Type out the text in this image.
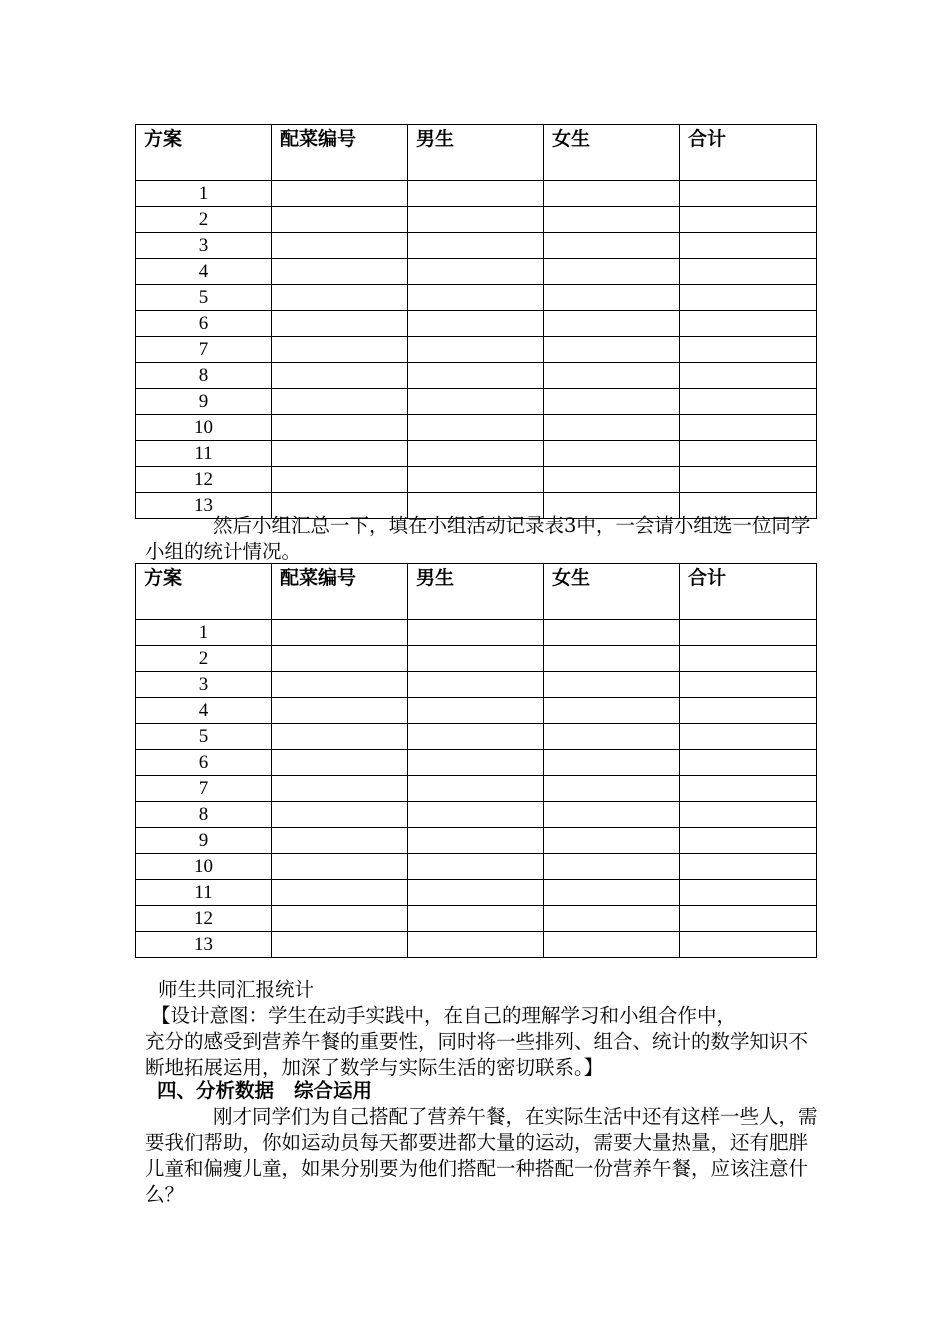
方案	配菜编号	男生	女生	合计
1				
2				
3				
4				
5				
6				
7				
8				
9				
10				
11				
12				
13				
然后小组汇总一下，填在小组活动记录表3中，一会请小组选一位同学小组的统计情况。
方案	配菜编号	男生	女生	合计
1				
2				
3				
4				
5				
6				
7				
8				
9				
10				
11				
12				
13				
师生共同汇报统计
【设计意图：学生在动手实践中，在自己的理解学习和小组合作中，
充分的感受到营养午餐的重要性，同时将一些排列、组合、统计的数学知识不断地拓展运用，加深了数学与实际生活的密切联系。】
四、分析数据 综合运用
刚才同学们为自己搭配了营养午餐，在实际生活中还有这样一些人，需要我们帮助，你如运动员每天都要进都大量的运动，需要大量热量，还有肥胖儿童和偏瘦儿童，如果分别要为他们搭配一种搭配一份营养午餐，应该注意什么？
